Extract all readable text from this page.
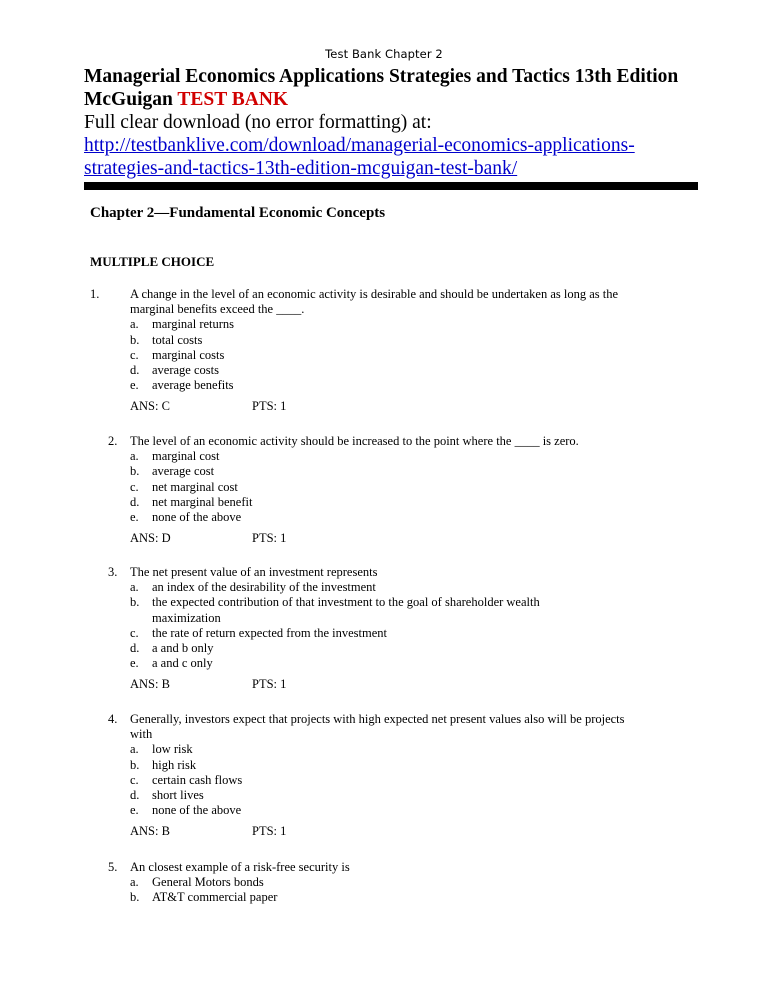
Test Bank Chapter 2
Managerial Economics Applications Strategies and Tactics 13th Edition
McGuigan TEST BANK
Full clear download (no error formatting) at:
http://testbanklive.com/download/managerial-economics-applications-
strategies-and-tactics-13th-edition-mcguigan-test-bank/
Chapter 2—Fundamental Economic Concepts
MULTIPLE CHOICE
1. A change in the level of an economic activity is desirable and should be undertaken as long as the
marginal benefits exceed the ____.
a. marginal returns
b. total costs
c. marginal costs
d. average costs
e. average benefits
ANS: C	PTS: 1
2. The level of an economic activity should be increased to the point where the ____ is zero.
a. marginal cost
b. average cost
c. net marginal cost
d. net marginal benefit
e. none of the above
ANS: D	PTS: 1
3. The net present value of an investment represents
a. an index of the desirability of the investment
b. the expected contribution of that investment to the goal of shareholder wealth maximization
c. the rate of return expected from the investment
d. a and b only
e. a and c only
ANS: B	PTS: 1
4. Generally, investors expect that projects with high expected net present values also will be projects
with
a. low risk
b. high risk
c. certain cash flows
d. short lives
e. none of the above
ANS: B	PTS: 1
5. An closest example of a risk-free security is
a. General Motors bonds
b. AT&T commercial paper
